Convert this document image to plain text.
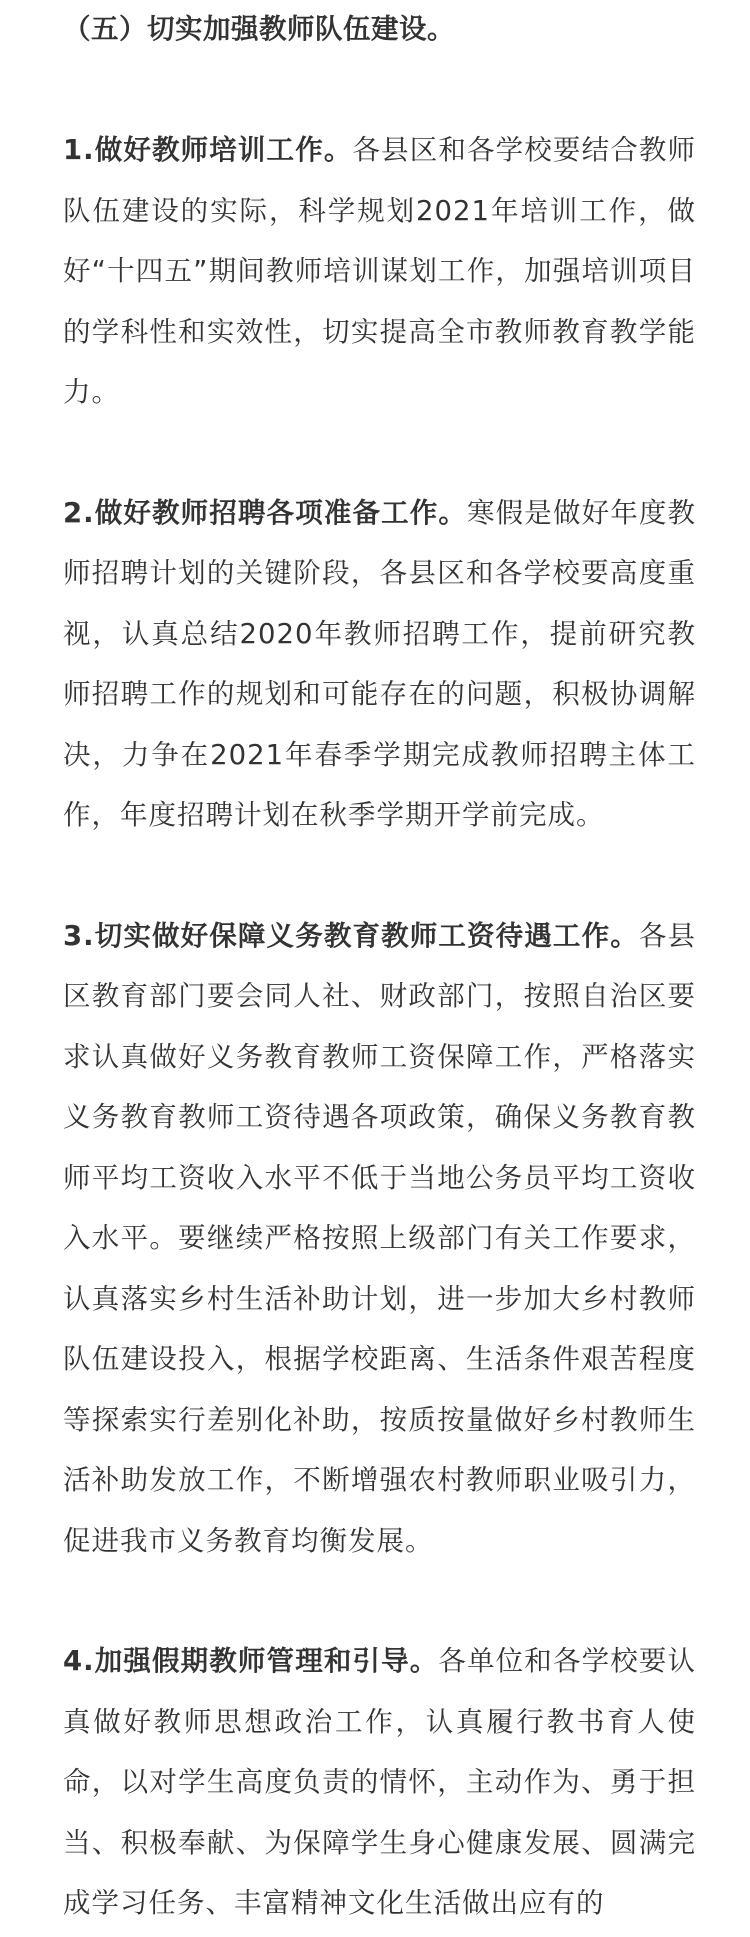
（五）切实加强教师队伍建设。

1.做好教师培训工作。各县区和各学校要结合教师队伍建设的实际，科学规划2021年培训工作，做好“十四五”期间教师培训谋划工作，加强培训项目的学科性和实效性，切实提高全市教师教育教学能力。

2.做好教师招聘各项准备工作。寒假是做好年度教师招聘计划的关键阶段，各县区和各学校要高度重视，认真总结2020年教师招聘工作，提前研究教师招聘工作的规划和可能存在的问题，积极协调解决，力争在2021年春季学期完成教师招聘主体工作，年度招聘计划在秋季学期开学前完成。

3.切实做好保障义务教育教师工资待遇工作。各县区教育部门要会同人社、财政部门，按照自治区要求认真做好义务教育教师工资保障工作，严格落实义务教育教师工资待遇各项政策，确保义务教育教师平均工资收入水平不低于当地公务员平均工资收入水平。要继续严格按照上级部门有关工作要求，认真落实乡村生活补助计划，进一步加大乡村教师队伍建设投入，根据学校距离、生活条件艰苦程度等探索实行差别化补助，按质按量做好乡村教师生活补助发放工作，不断增强农村教师职业吸引力，促进我市义务教育均衡发展。

4.加强假期教师管理和引导。各单位和各学校要认真做好教师思想政治工作，认真履行教书育人使命，以对学生高度负责的情怀，主动作为、勇于担当、积极奉献、为保障学生身心健康发展、圆满完成学习任务、丰富精神文化生活做出应有的
